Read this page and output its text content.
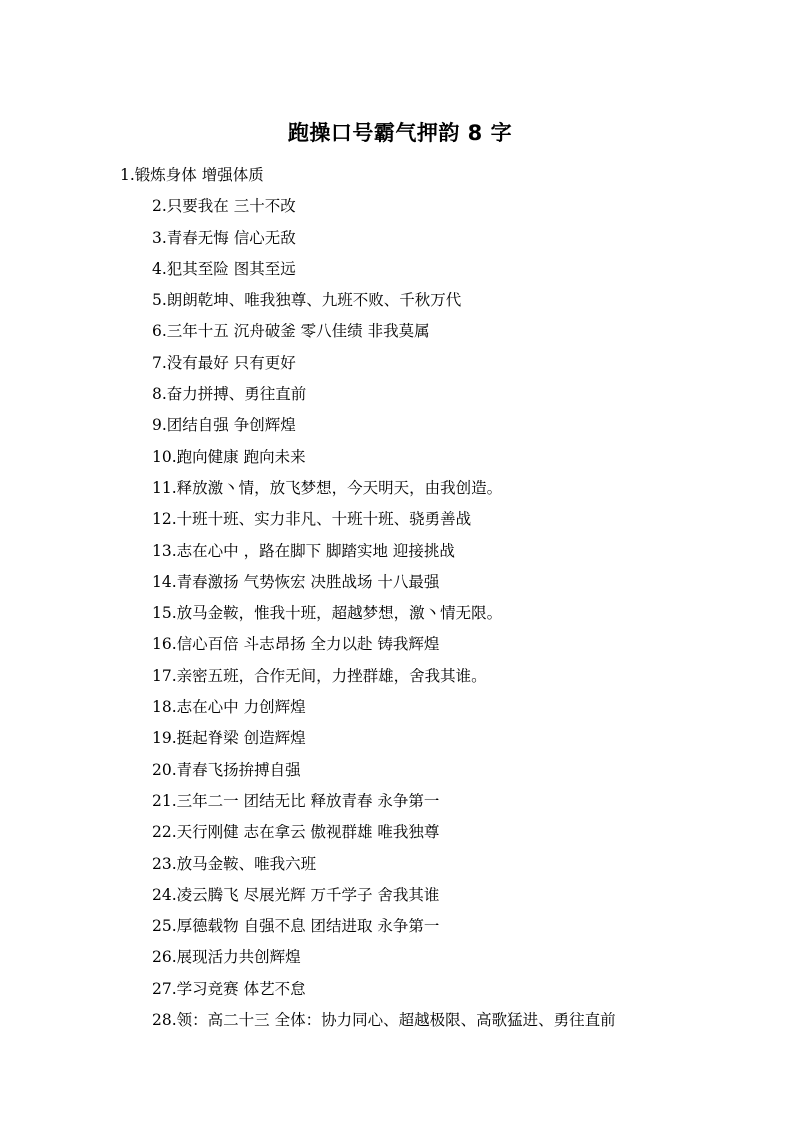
跑操口号霸气押韵 8 字
1.锻炼身体 增强体质
2.只要我在 三十不改
3.青春无悔 信心无敌
4.犯其至险 图其至远
5.朗朗乾坤、唯我独尊、九班不败、千秋万代
6.三年十五 沉舟破釜 零八佳绩 非我莫属
7.没有最好 只有更好
8.奋力拼搏、勇往直前
9.团结自强 争创辉煌
10.跑向健康 跑向未来
11.释放激丶情，放飞梦想，今天明天，由我创造。
12.十班十班、实力非凡、十班十班、骁勇善战
13.志在心中 ，路在脚下 脚踏实地 迎接挑战
14.青春激扬 气势恢宏 决胜战场 十八最强
15.放马金鞍，惟我十班，超越梦想，激丶情无限。
16.信心百倍 斗志昂扬 全力以赴 铸我辉煌
17.亲密五班，合作无间，力挫群雄，舍我其谁。
18.志在心中 力创辉煌
19.挺起脊梁 创造辉煌
20.青春飞扬拚搏自强
21.三年二一 团结无比 释放青春 永争第一
22.天行刚健 志在拿云 傲视群雄 唯我独尊
23.放马金鞍、唯我六班
24.凌云腾飞 尽展光辉 万千学子 舍我其谁
25.厚德载物 自强不息 团结进取 永争第一
26.展现活力共创辉煌
27.学习竞赛 体艺不怠
28.领：高二十三 全体：协力同心、超越极限、高歌猛进、勇往直前
